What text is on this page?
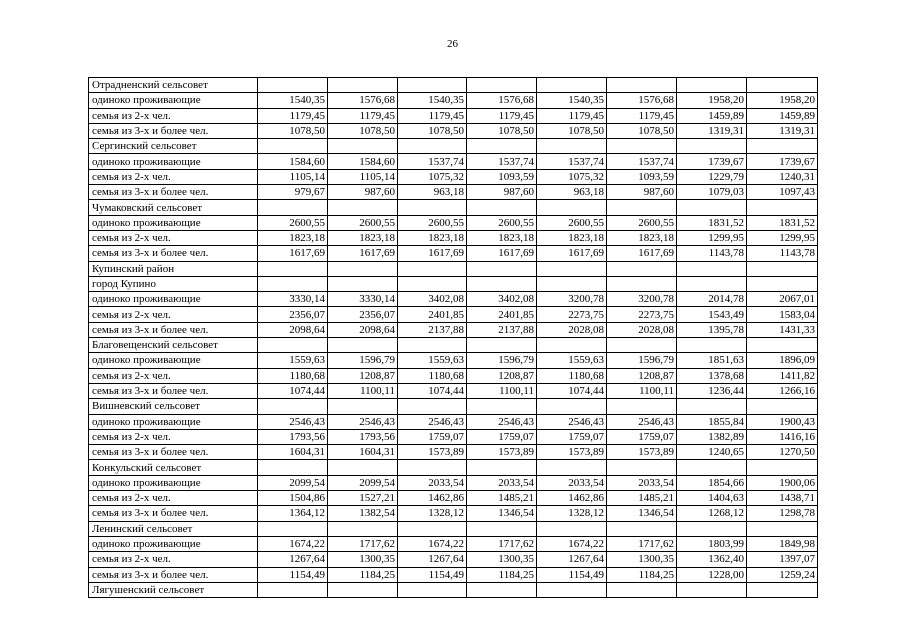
26
Отрадненский сельсовет								
одиноко проживающие	1540,35	1576,68	1540,35	1576,68	1540,35	1576,68	1958,20	1958,20
семья из 2-х чел.	1179,45	1179,45	1179,45	1179,45	1179,45	1179,45	1459,89	1459,89
семья из 3-х и более чел.	1078,50	1078,50	1078,50	1078,50	1078,50	1078,50	1319,31	1319,31
Сергинский сельсовет								
одиноко проживающие	1584,60	1584,60	1537,74	1537,74	1537,74	1537,74	1739,67	1739,67
семья из 2-х чел.	1105,14	1105,14	1075,32	1093,59	1075,32	1093,59	1229,79	1240,31
семья из 3-х и более чел.	979,67	987,60	963,18	987,60	963,18	987,60	1079,03	1097,43
Чумаковский сельсовет								
одиноко проживающие	2600,55	2600,55	2600,55	2600,55	2600,55	2600,55	1831,52	1831,52
семья из 2-х чел.	1823,18	1823,18	1823,18	1823,18	1823,18	1823,18	1299,95	1299,95
семья из 3-х и более чел.	1617,69	1617,69	1617,69	1617,69	1617,69	1617,69	1143,78	1143,78
Купинский район								
город Купино								
одиноко проживающие	3330,14	3330,14	3402,08	3402,08	3200,78	3200,78	2014,78	2067,01
семья из 2-х чел.	2356,07	2356,07	2401,85	2401,85	2273,75	2273,75	1543,49	1583,04
семья из 3-х и более чел.	2098,64	2098,64	2137,88	2137,88	2028,08	2028,08	1395,78	1431,33
Благовещенский сельсовет								
одиноко проживающие	1559,63	1596,79	1559,63	1596,79	1559,63	1596,79	1851,63	1896,09
семья из 2-х чел.	1180,68	1208,87	1180,68	1208,87	1180,68	1208,87	1378,68	1411,82
семья из 3-х и более чел.	1074,44	1100,11	1074,44	1100,11	1074,44	1100,11	1236,44	1266,16
Вишневский сельсовет								
одиноко проживающие	2546,43	2546,43	2546,43	2546,43	2546,43	2546,43	1855,84	1900,43
семья из 2-х чел.	1793,56	1793,56	1759,07	1759,07	1759,07	1759,07	1382,89	1416,16
семья из 3-х и более чел.	1604,31	1604,31	1573,89	1573,89	1573,89	1573,89	1240,65	1270,50
Конкульский сельсовет								
одиноко проживающие	2099,54	2099,54	2033,54	2033,54	2033,54	2033,54	1854,66	1900,06
семья из 2-х чел.	1504,86	1527,21	1462,86	1485,21	1462,86	1485,21	1404,63	1438,71
семья из 3-х и более чел.	1364,12	1382,54	1328,12	1346,54	1328,12	1346,54	1268,12	1298,78
Ленинский сельсовет								
одиноко проживающие	1674,22	1717,62	1674,22	1717,62	1674,22	1717,62	1803,99	1849,98
семья из 2-х чел.	1267,64	1300,35	1267,64	1300,35	1267,64	1300,35	1362,40	1397,07
семья из 3-х и более чел.	1154,49	1184,25	1154,49	1184,25	1154,49	1184,25	1228,00	1259,24
Лягушенский сельсовет								
